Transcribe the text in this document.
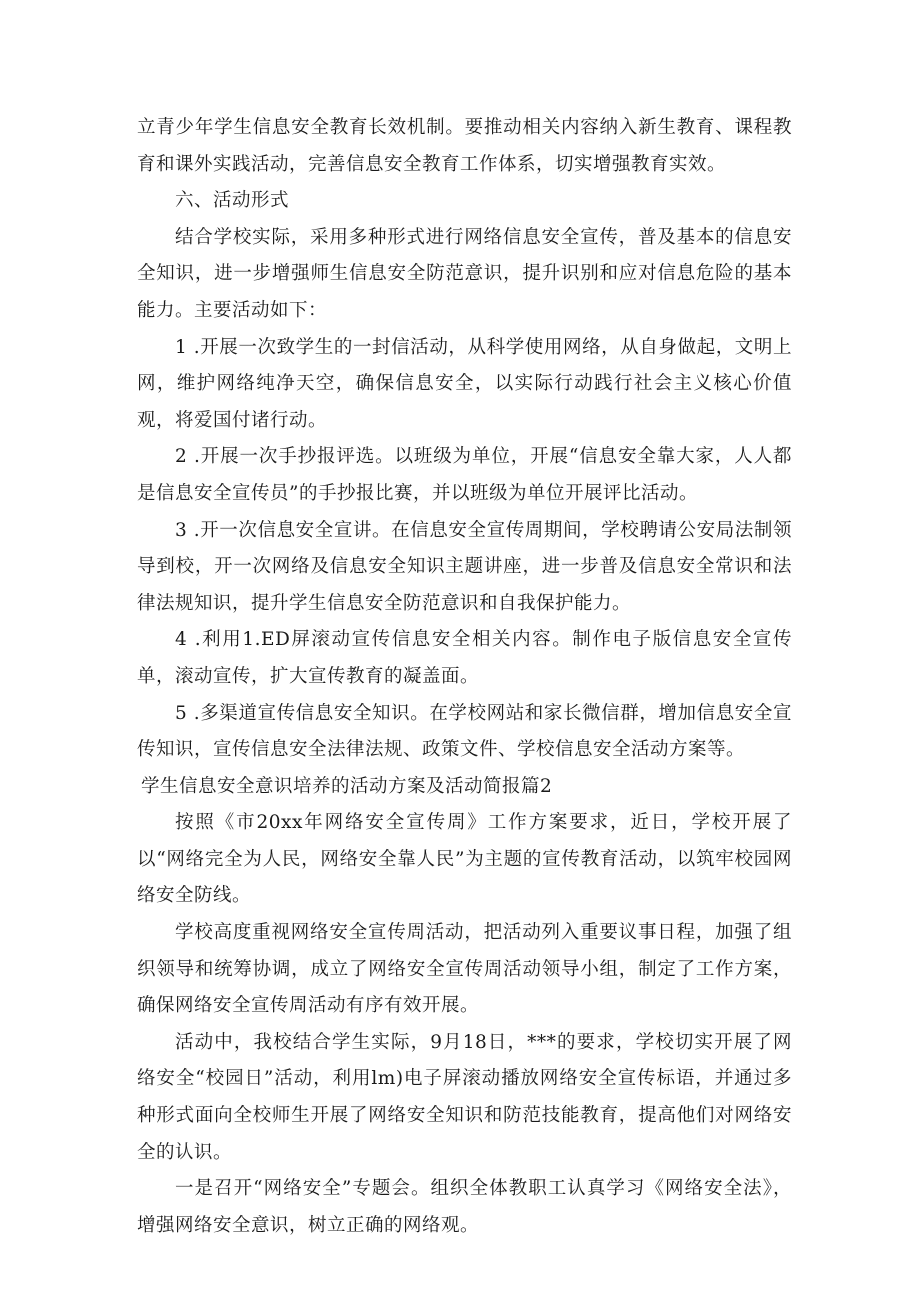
立青少年学生信息安全教育长效机制。要推动相关内容纳入新生教育、课程教育和课外实践活动，完善信息安全教育工作体系，切实增强教育实效。

六、活动形式

结合学校实际，采用多种形式进行网络信息安全宣传，普及基本的信息安全知识，进一步增强师生信息安全防范意识，提升识别和应对信息危险的基本能力。主要活动如下：

1 .开展一次致学生的一封信活动，从科学使用网络，从自身做起，文明上网，维护网络纯净天空，确保信息安全，以实际行动践行社会主义核心价值观，将爱国付诸行动。

2 .开展一次手抄报评选。以班级为单位，开展“信息安全靠大家，人人都是信息安全宣传员”的手抄报比赛，并以班级为单位开展评比活动。

3 .开一次信息安全宣讲。在信息安全宣传周期间，学校聘请公安局法制领导到校，开一次网络及信息安全知识主题讲座，进一步普及信息安全常识和法律法规知识，提升学生信息安全防范意识和自我保护能力。

4 .利用1.ED屏滚动宣传信息安全相关内容。制作电子版信息安全宣传单，滚动宣传，扩大宣传教育的凝盖面。

5 .多渠道宣传信息安全知识。在学校网站和家长微信群，增加信息安全宣传知识，宣传信息安全法律法规、政策文件、学校信息安全活动方案等。

学生信息安全意识培养的活动方案及活动简报篇2

按照《市20xx年网络安全宣传周》工作方案要求，近日，学校开展了以“网络完全为人民，网络安全靠人民”为主题的宣传教育活动，以筑牢校园网络安全防线。

学校高度重视网络安全宣传周活动，把活动列入重要议事日程，加强了组织领导和统筹协调，成立了网络安全宣传周活动领导小组，制定了工作方案，确保网络安全宣传周活动有序有效开展。

活动中，我校结合学生实际，9月18日，***的要求，学校切实开展了网络安全“校园日”活动，利用lm)电子屏滚动播放网络安全宣传标语，并通过多种形式面向全校师生开展了网络安全知识和防范技能教育，提高他们对网络安全的认识。

一是召开“网络安全”专题会。组织全体教职工认真学习《网络安全法》，增强网络安全意识，树立正确的网络观。
